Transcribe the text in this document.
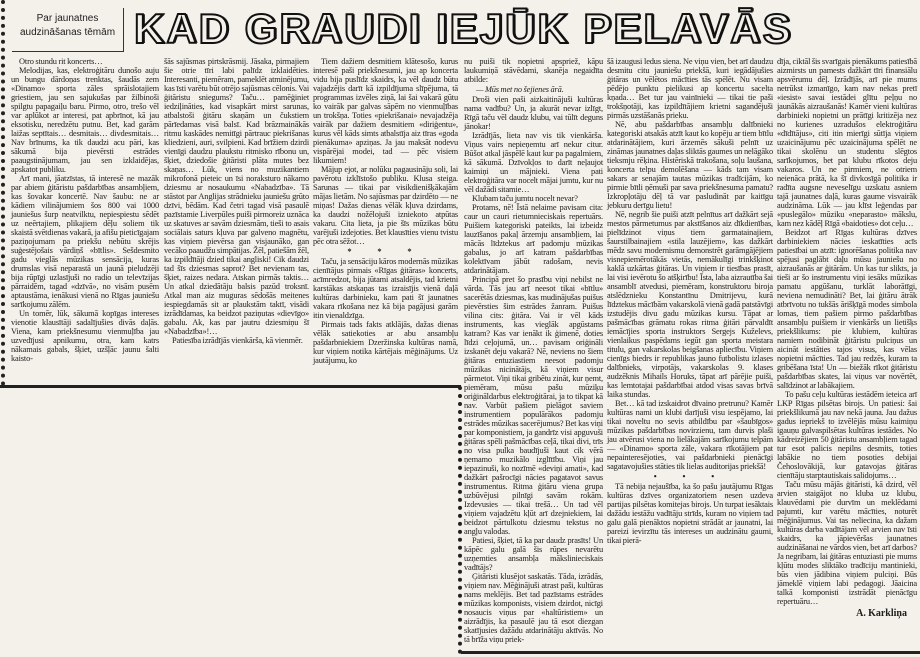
Par jaunatnes
audzināšanas tēmām KAD GRAUDI IEJŪK PELAVĀS

Otro stundu rit koncerts…

Melodijas, kas, elektroģitāru dunošo auju un bungu dārdoņas trenktas, šaudās zem «Dinamo» sporta zāles sprāislotajiem griestiem, jau sen sajukušas par žilbinoši spilgtu papagaiļu baru. Pirmo, otro, trešo vēl var aplūkot ar interesi, pat apbrīnot, kā jau eksotisku, neredzētu putnu. Bet, kad garām laižas septītais… desmitais… divdesmitais… Nav brīnums, ka tik daudzi acu pāri, kas sākumā bija pievērsti estrādes paaugstinājumam, jau sen izklaidējas, apskatot publiku.

Arī mani, jāatzīstas, tā interesē ne mazāk par abiem ģitāristu pašdarbības ansambļiem, kas šovakar koncertē. Nav šaubu: ne ar kādiem vilinājumiem šos 800 vai 1000 jauniešus šurp neatvilktu, nepiespiestu sēdēt uz neērtajiem, plikajiem dēļu soliem tik skaistā svētdienas vakarā, ja afišu pieticīgajam paziņojumam pa priekšu nebūtu skrējis suģestējošais vārdiņš «bītlis». Sešdesmito gadu vieglās mūzikas sensācija, kuras drumslas visā neparastā un jaunā pieludzēji bija rūpīgi uzlasījuši no radio un televīzijas pārraidēm, tagad «dzīvā», no visām pusēm aptaustāma, ienākusi vienā no Rīgas jauniešu sarīkojumu zālēm.

Un tomēr, lūk, sākumā kopīgas intereses vienotie klausītāji sadalījušies divās daļās. Viena, kam priekšnesumu vienmuļība jau uzvedījusi apnikumu, otra, kam katrs nākamais gabals, šķiet, uzšļāc jaunu šalti kaisto-

šās sajūsmas pirtskrāsmij. Jāsaka, pirmajiem šie otrie tīri labi palīdz izklaidēties. Interesanti, piemēram, pameklēt atminējumu, kas īsti varētu būt otrējo sajūsmas cēlonis. Vai ģitāristu sniegums? Taču… pamēģiniet iedziļināties, kad visapkārt mirst sarunas, atbalstoši ģitāru skaņām un čukstiem pārīedamas visā balsī. Kad brāzmainākās ritmu kaskādes nemitīgi pārtrauc piekrišanas kliedzieni, auri, svilpieni. Kad brīžiem dzirdi vienīgi daudzu plaukstu ritmisko rībonu un, šķiet, dziedošie ģitāristi plāta mutes bez skaņas… Lūk, viens no muzikantiem mikrofonā pieteic un īsi noraksturo nākamo dziesmu ar nosaukumu «Nabadzība». Tā stāstot par Anglijas strādnieku jauniešu grūto dzīvi, bēdām. Kad četri tagad visā pasaulē pazīstamie Liverpūles puiši pirmoreiz uznāca uz skatuves ar savām dziesmām, tieši to asais sociālais saturs kļuva par galveno magnētu, kas viņiem pievērsa gan visjaunāko, gan vecāko paaudžu simpātijas. Žēl, patiešām žēl, ka izpildītāji dzied tikai angliski! Cik daudzi tad šīs dziesmas saprot? Bet nevienam tas, šķiet, raizes nedara. Atskan pirmās taktis… Un atkal dziedātāju balsis pazūd troksnī. Atkal man aiz muguras sēdošās meitenes iespiegdamās sit ar plaukstām taktī, visādi izrādīdamas, ka beidzot paziņutas «dievīgo» gabalu. Ak, kas par jautru dziesmiņu šī «Nabadzība»!…

Patiesība izrādījās vienkārša, kā vienmēr.

Tiem dažiem desmitiem klātesošo, kurus interesē paši priekšnesumi, jau ap koncerta vidu bija puslīdz skaidrs, ka vēl daudz būtu vajadzējis darīt kā izpildījuma slīpējuma, tā programmas izvēles ziņā, lai šai vakarā gūtu ko vairāk par galvas sāpēm no vienmuļības un trokšņa. Toties «piekrišanai» nevajadzēja vairāk par dažiem desmitiem «diriģentu», kurus vēl kāds simts atbalstīja aiz tīras «goda pienākuma» apziņas. Ja jau maksāt nodevu vispārējai modei, tad — pēc visiem likumiem!

Mājup ejot, ar nolūku pagausināju soli, lai pavērotu izklīstošo publiku. Klusa steiga. Sarunas — tikai par visikdienišķākajām mājas lietām. No sajūsmas par dzirdēto — ne miņas! Dažas dienas vēlāk kļuva dzirdams, ka daudzi nožēlojuši izniekoto atpūtas vakaru. Cita lieta, ja pie šīs mūzikas būtu varējuši izdejoties. Bet klausīties vienu tvistu pēc otra sēžot…

* * *

Taču, ja sensāciju kāros modernās mūzikas cienītājus pirmais «Rīgas ģitāras» koncerts, acīmredzot, bija jūtami atsaldējis, tad krietni karstākas atskaņas tas izraisījis vienā daļā kultūras darbinieku, kam pati šī jaunatnes vakara rīkošana nez kā bija pagājusi garām itin vienaldzīga.

Pirmais tads fakts atklājās, dažas dienas vēlāk satiekoties ar abu ansambļu pašdarbniekiem Dzeržinska kultūras namā, kur viņiem notika kārtējais mēģinājums. Uz jautājumu, ko

nu puiši tik nopietni apspriež, kāpu laukumiņā stāvēdami, skanēja negaidīta atbilde:

— Mūs met no šejienes ārā.

Droši vien paši aizkaitinājuši kultūras nama vadību? Un, ja akurāt nevar izlīgt, Rīgā taču vēl daudz klubu, vai tūlīt deguns jānokar!

Izrādījās, lieta nav vis tik vienkārša. Viņus vairs nepieņemtu arī nekur citur. Būšot atkal jāspēlē kaut kur pa pagalmiem, kā sākumā. Dzīvokļos to darīt neļaujot kaimiņi un mājnieki. Viena pati elektroģitāra var nocelt mājai jumtu, kur nu vēl dažādi sitamie…

Klubam taču jumtu nocelt nevar?

Protams, nē! Īstā nelaime pavisam cita: caur un cauri rietumnieciskais repertuārs. Puišiem kategoriski pateikts, lai izbeidz lauzīšanos pakaļ ārzemju ansambļiem, lai mācās līdztekus arī padomju mūzikas gabalus, jo arī katram pašdarbības kolektīvam jābūt radošam, nevis atdarinātājam.

Principā pret šo prasību viņi nebilst ne vārda. Tās jau arī neesot tikai «bītlu» sacerētās dziesmas, kas mudinājušas puišus pievērsties šim estrādes žanram. Puišus vilina cits: ģitāra. Vai ir vēl kāds instruments, kas vieglāk apgūstams katram? Kas var ienākt ik ģimenē, doties līdzi ceļojumā, un… pavisam oriģināli izskanēt deju vakarā? Nē, neviens no šiem ģitāras entuziastiem neesot padomju mūzikas nicinātājs, kā viņiem visur pārmetot. Viņi tikai gribētu zināt, kur ņemt, piemēram, mūsu pašu mūziķu oriģināldarbus elektroģitārai, ja to tikpat kā nav. Varbūt pašiem pielāgot saviem instrumentiem populārākos padomju estrādes mūzikas sacerējumus? Bet kas viņi par komponistiem, ja gandrīz visi apguvuši ģitāras spēli pašmācības ceļā, tikai divi, trīs no visa pulka baudījuši kaut cik vērā ņemamo muzikālo izglītību. Viņi jau iepazinuši, ko nozīmē «deviņi amati», kad dažkārt pašrocīgi nācies pagatavot savus instrumentus. Ritma ģitāru viena grupa uzbūvējusi pilnīgi savām rokām. Izdevusies — tikai trešā… Un tad vēl viņiem vajadzētu kļūt arī dzejniekiem, lai beidzot pārtulkotu dziesmu tekstus no angļu valodas.

Patiesi, šķiet, tā ka par daudz prasīts! Un kāpēc galu galā šis rūpes nevarētu uzņemties ansambļa mākslinieciskais vadītājs?

Ģitāristi klusējot saskatās. Tāda, izrādās, viņiem nav. Mēģinājuši atrast paši, kultūras nams meklējis. Bet tad pazīstams estrādes mūzikas komponists, visiem dzirdot, nicīgi nosaucis viņus par «haltūristiem» un aizrādījis, ka pasaulē jau tā esot diezgan skatījusies dažādu atdarinātāju aktīvās. No tā brīža viņu priek-

šā izaugusi ledus siena. Ne viņu vien, bet arī daudzu desmitu citu jauniešu priekšā, kuri iegādājušies ģitāras un vēlētos mācīties tās spēlēt. Nu visam pēdējo punktu pielikusi ap koncertu sacelta kņada… Bet tur jau vainīnieki — tikai tie paši trokšņotāji, kas izpildītājiem krietni sagandējuši pirmās uzstāšanās prieku.

Nē, abu pašdarbības ansambļu dalībnieki kategoriski atsakās atzīt kaut ko kopēju ar tiem bītlu atdarinātājiem, kuri ārzemēs sākuši pelnīt uz zināmas jaunatnes daļas sliktās gaumes un nelāgāko tieksmju rēķina. Histēriskā trakošana, soļu laušana, koncerta telpu demolēšana — kāds tam visam sakars ar senajām tautas mūzikas tradīcijām, ko pirmie bītli ņēmuši par sava priekšnesuma pamatu? Izkropļotāju dēļ tā var pasludināt par kaitīgu jebkuru derīgu lietu!

Nē, negrib šie puiši atzīt pelnītus arī dažkārt sejā mestos pārmetumus par akstīšanos aiz dīkdienības, pielīdzinot viņus tiem garmatainajiem, šaurstilbainajiem «stila lauzējiem», kas dažkārt mēdz savu modernismu demonstrēt garāmgājējiem visnepiemērotākās vietās, nemākulīgi trinkšķinot kaklā uzkārtas ģitāras. Un viņiem ir tiesības prasīt, lai visi ievērotu šo atšķirību! Īsta, laba aizrautība šai ansamblī atvedusi, piemēram, konstruktoru biroja atslēdznieku Konstantīnu Dmitrijevu, kurā līdztekus mācībām vakarskolā vienā gadā patstāvīgi izstudējis divu gadu mūzikas kursu. Tāpat ar pašmācības grāmatu rokas ritma ģitāri pārvaldīt iemācījies sporta instruktors Sergejs Kuželevs, vienlaikus paspēdams iegūt gan sporta meistara titulu, gan vakarskolas beigšanas apliecību. Viņiem cienīgs biedrs ir republikas jauno futbolistu izlases dalībnieks, virpotājs, vakarskolas 9. klases audzēknis Mihails Horuks, tāpat arī pārējie puiši, kas lemtotajai pašdarbībai atdod visas savas brīvā laika stundas.

Bet… kā tad izskaidrot dīvaino pretrunu? Kamēr kultūras nami un klubi darījuši visu iespējamo, lai tikai noveltu no sevis atbildību par «šaubīgos» mūzikas pašdarbības novirzienu, tam durvis plaši jau atvērusi viena no lielākajām sarīkojumu telpām — «Dinamo» sporta zāle, vakara rīkotājiem pat nepainteresējoties, vai pašdarbnieki pienācīgi sagatavojušies stāties tik lielas auditorijas priekšā!

• • •

Tā nebija nejaušība, ka šo pašu jautājumu Rīgas kultūras dzīves organizatoriem nesen uzdeva partijas pilsētas komitejas birojs. Un turpat iesāktais dažādu iestāžu vadītāju strīds, kuram no viņiem tad galu galā pienāktos nopietni strādāt ar jaunatni, lai pareizi ievirzītu tās intereses un audzinātu gaumi, tikai pierā-

dīja, ciktāl šis svarīgais pienākums patiesībā aizmirsts un pamests dažkārt tīri finansiālu apsvērumu dēļ. Izrādījās, arī pie mums netrūkst izmanīgo, kam nav nekas pretī «iesist» savai iestādei glītu peļņu no jaunākās aizraušanās! Kamēr vieni kultūras darbinieki nopietni un prātīgi kritizēja nez no kurienes uzradušos elektroģitāru «dīdītājus», citi itin mierīgi sūtīja viņiem uzaicinājumu pēc uzaicinājuma spēlēt ne tikai skolēnu un studentu slēgtos sarīkojumos, bet pat klubu rīkotos deju vakaros. Un ne pirmiem, ne otriem neienāca prātā, ka šī divkosīgā politika ir radīta augsne neveselīgu uzskatu asniem tajā jaunatnes daļā, kuras gaume visvairāk audzināma. Lūk — jau klīst leģendas par «puslegālo» mūziku «neparasto» mākslu, kam nez kādēļ Rīgā «baidoties» dot ceļu…

Beidzot arī Rīgas kultūras dzīves darbiniekiem nācies ieskatīties acīs patiesībai un atzīt: ignorēšanas politika nav spējusi paglābt daļu mūsu jauniešu no aizraušanās ar ģitārām. Un kas tur slikts, ja tieši ar šo instrumentu viņi iesāks mūzikas pamatu apgūšanu, turklāt laborātīgi, neviena nemudināti? Bet, lai ģitāru ātrāk atbrīvotu no tukšās ārišķīgā modes simbola lomas, tiem pašiem pirmo pašdarbības ansambļu puišiem ir vienkāršs un lietišķs priekšlikums: pie klubiem, kultūras namiem nodibināt ģitāristu pulciņus un aicināt iestāties tajos visus, kas vēlas nopietni mācīties. Tad jau redzēs, kuram ta gribēšana īsta! Un — biežāk rīkot ģitāristu pašdarbības skates, lai viņus var novērtēt, salīdzinot ar labākajiem.

To pašu ceļu kultūras iestādēm ieteica arī LKP Rīgas pilsētas birojs. Un patiesi: šai priekšlikumā jau nav nekā jauna. Jau dažus gadus iepriekš to izvēlējās mūsu kaimiņu igauņu galvaspilsētas kultūras iestādes. No kādreizējiem 50 ģitāristu ansambļiem tagad tur esot palicis nepilns desmits, toties labākie no tiem posoties debijai Čehoslovākijā, kur gatavojas ģitāras cienītāju starptautiskais salidojums…

Taču mūsu mājās ģitāristi, kā dzird, vēl arvien staigājot no kluba uz klubu, klauvēdami pie durvīm un meklēdami pajumti, kur varētu mācīties, noturēt mēģinājumus. Vai tas neliecina, ka dažam kultūras darba vadītājam vēl arvien nav īsti skaidrs, ka jāpievēršas jaunatnes audzināšanai ne vārdos vien, bet arī darbos? Ja negribam, lai ģitāras entuziasti pie mums kļūtu modes sliktāko tradīciju mantinieki, būs vien jādibina viņiem pulciņi. Būs jāmeklē viņiem labi pedagogi. Jāaicina talkā komponisti izstrādāt pienācīgu repertuāru…

A. Karkliņa
